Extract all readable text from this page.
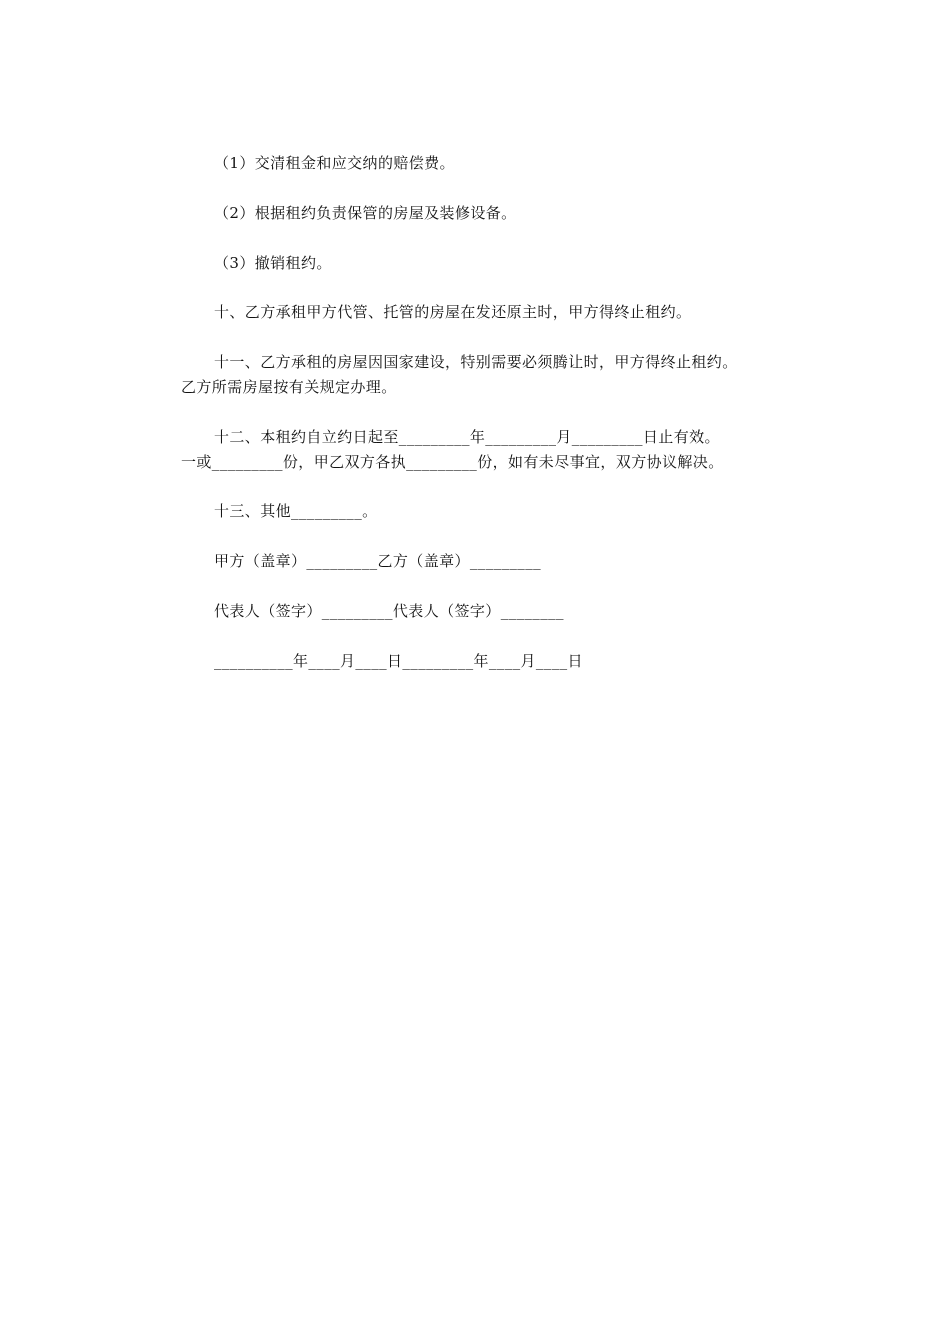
（1）交清租金和应交纳的赔偿费。
（2）根据租约负责保管的房屋及装修设备。
（3）撤销租约。
十、乙方承租甲方代管、托管的房屋在发还原主时，甲方得终止租约。
十一、乙方承租的房屋因国家建设，特别需要必须腾让时，甲方得终止租约。
乙方所需房屋按有关规定办理。
十二、本租约自立约日起至_________年_________月_________日止有效。
一或_________份，甲乙双方各执_________份，如有未尽事宜，双方协议解决。
十三、其他_________。
甲方（盖章）_________乙方（盖章）_________
代表人（签字）_________代表人（签字）________
__________年____月____日_________年____月____日
